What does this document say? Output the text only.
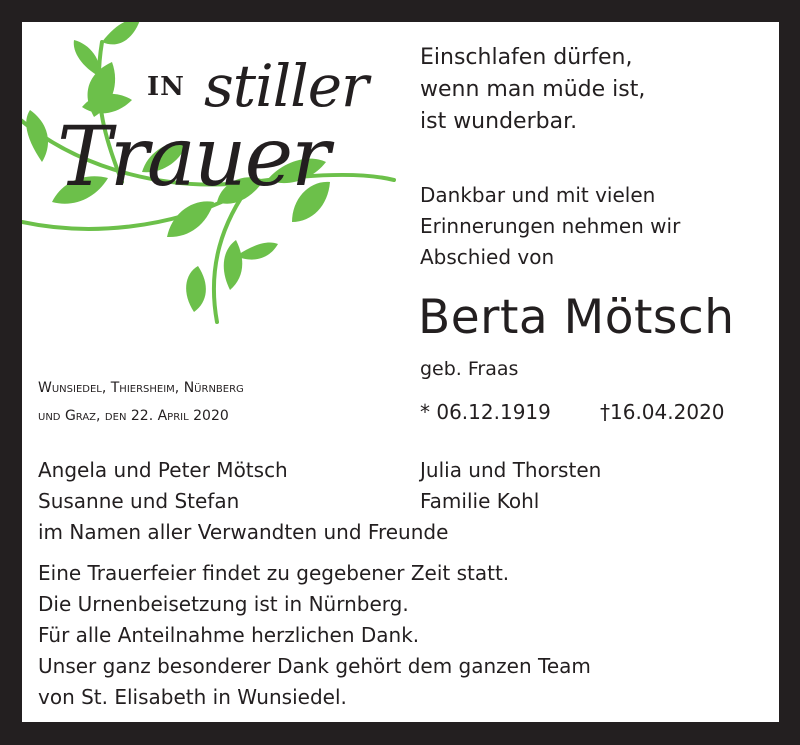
IN stiller
Trauer
Einschlafen dürfen,
wenn man müde ist,
ist wunderbar.
Dankbar und mit vielen
Erinnerungen nehmen wir
Abschied von
Berta Mötsch
geb. Fraas
* 06.12.1919 †16.04.2020
Wunsiedel, Thiersheim, Nürnberg
und Graz, den 22. April 2020
Angela und Peter Mötsch
Susanne und Stefan
Julia und Thorsten
Familie Kohl
im Namen aller Verwandten und Freunde
Eine Trauerfeier findet zu gegebener Zeit statt.
Die Urnenbeisetzung ist in Nürnberg.
Für alle Anteilnahme herzlichen Dank.
Unser ganz besonderer Dank gehört dem ganzen Team
von St. Elisabeth in Wunsiedel.
